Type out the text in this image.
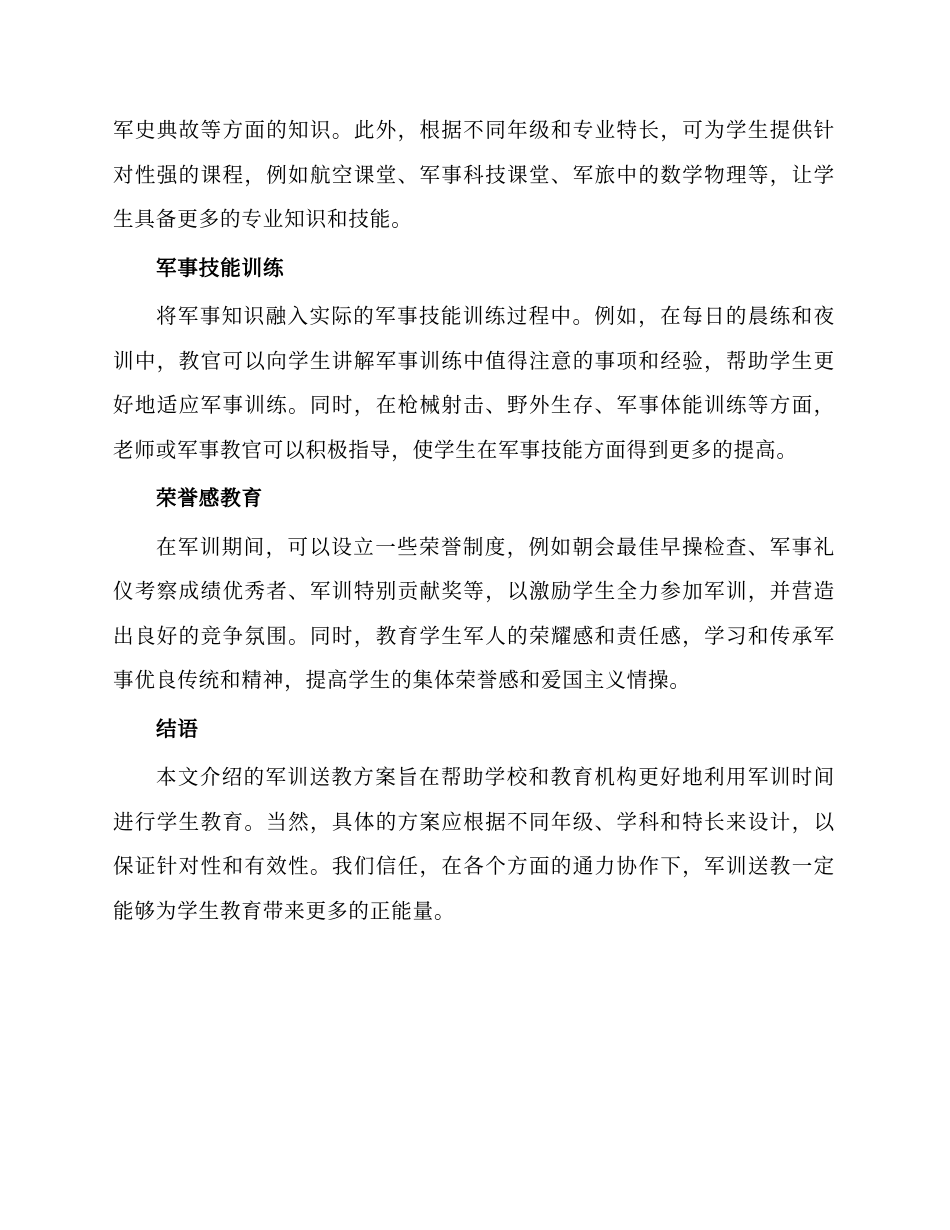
军史典故等方面的知识。此外，根据不同年级和专业特长，可为学生提供针对性强的课程，例如航空课堂、军事科技课堂、军旅中的数学物理等，让学生具备更多的专业知识和技能。

军事技能训练

将军事知识融入实际的军事技能训练过程中。例如，在每日的晨练和夜训中，教官可以向学生讲解军事训练中值得注意的事项和经验，帮助学生更好地适应军事训练。同时，在枪械射击、野外生存、军事体能训练等方面，老师或军事教官可以积极指导，使学生在军事技能方面得到更多的提高。

荣誉感教育

在军训期间，可以设立一些荣誉制度，例如朝会最佳早操检查、军事礼仪考察成绩优秀者、军训特别贡献奖等，以激励学生全力参加军训，并营造出良好的竞争氛围。同时，教育学生军人的荣耀感和责任感，学习和传承军事优良传统和精神，提高学生的集体荣誉感和爱国主义情操。

结语

本文介绍的军训送教方案旨在帮助学校和教育机构更好地利用军训时间进行学生教育。当然，具体的方案应根据不同年级、学科和特长来设计，以保证针对性和有效性。我们信任，在各个方面的通力协作下，军训送教一定能够为学生教育带来更多的正能量。
